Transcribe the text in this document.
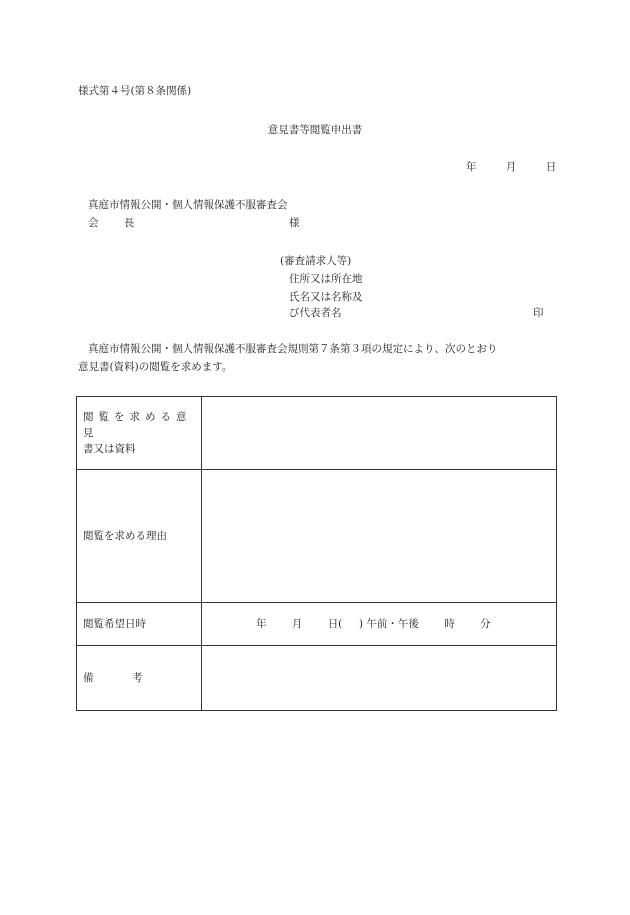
様式第４号(第８条関係)
意見書等閲覧申出書
年	月	日
真庭市情報公開・個人情報保護不服審査会
会 長	様
(審査請求人等)
住所又は所在地
氏名又は名称及
び代表者名	印
真庭市情報公開・個人情報保護不服審査会規則第７条第３項の規定により、次のとおり
意見書(資料)の閲覧を求めます。
閲覧を求める意見
書又は資料	

閲覧を求める理由	
閲覧希望日時	年 月 日( ) 午前・午後 時 分
備　考	
